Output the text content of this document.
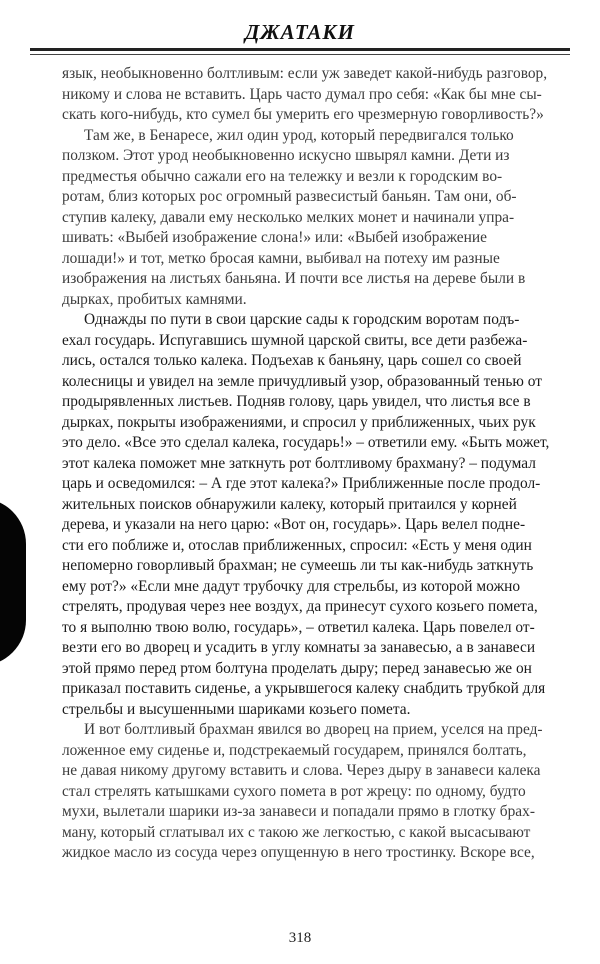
ДЖАТАКИ

язык, необыкновенно болтливым: если уж заведет какой-нибудь разговор,
никому и слова не вставить. Царь часто думал про себя: «Как бы мне сы-
скать кого-нибудь, кто сумел бы умерить его чрезмерную говорливость?»

Там же, в Бенаресе, жил один урод, который передвигался только
ползком. Этот урод необыкновенно искусно швырял камни. Дети из
предместья обычно сажали его на тележку и везли к городским во-
ротам, близ которых рос огромный развесистый баньян. Там они, об-
ступив калеку, давали ему несколько мелких монет и начинали упра-
шивать: «Выбей изображение слона!» или: «Выбей изображение
лошади!» и тот, метко бросая камни, выбивал на потеху им разные
изображения на листьях баньяна. И почти все листья на дереве были в
дырках, пробитых камнями.

Однажды по пути в свои царские сады к городским воротам подъ-
ехал государь. Испугавшись шумной царской свиты, все дети разбежа-
лись, остался только калека. Подъехав к баньяну, царь сошел со своей
колесницы и увидел на земле причудливый узор, образованный тенью от
продырявленных листьев. Подняв голову, царь увидел, что листья все в
дырках, покрыты изображениями, и спросил у приближенных, чьих рук
это дело. «Все это сделал калека, государь!» – ответили ему. «Быть может,
этот калека поможет мне заткнуть рот болтливому брахману? – подумал
царь и осведомился: – А где этот калека?» Приближенные после продол-
жительных поисков обнаружили калеку, который притаился у корней
дерева, и указали на него царю: «Вот он, государь». Царь велел подне-
сти его поближе и, отослав приближенных, спросил: «Есть у меня один
непомерно говорливый брахман; не сумеешь ли ты как-нибудь заткнуть
ему рот?» «Если мне дадут трубочку для стрельбы, из которой можно
стрелять, продувая через нее воздух, да принесут сухого козьего помета,
то я выполню твою волю, государь», – ответил калека. Царь повелел от-
везти его во дворец и усадить в углу комнаты за занавесью, а в занавеси
этой прямо перед ртом болтуна проделать дыру; перед занавесью же он
приказал поставить сиденье, а укрывшегося калеку снабдить трубкой для
стрельбы и высушенными шариками козьего помета.

И вот болтливый брахман явился во дворец на прием, уселся на пред-
ложенное ему сиденье и, подстрекаемый государем, принялся болтать,
не давая никому другому вставить и слова. Через дыру в занавеси калека
стал стрелять катышками сухого помета в рот жрецу: по одному, будто
мухи, вылетали шарики из-за занавеси и попадали прямо в глотку брах-
ману, который сглатывал их с такою же легкостью, с какой высасывают
жидкое масло из сосуда через опущенную в него тростинку. Вскоре все,

318
